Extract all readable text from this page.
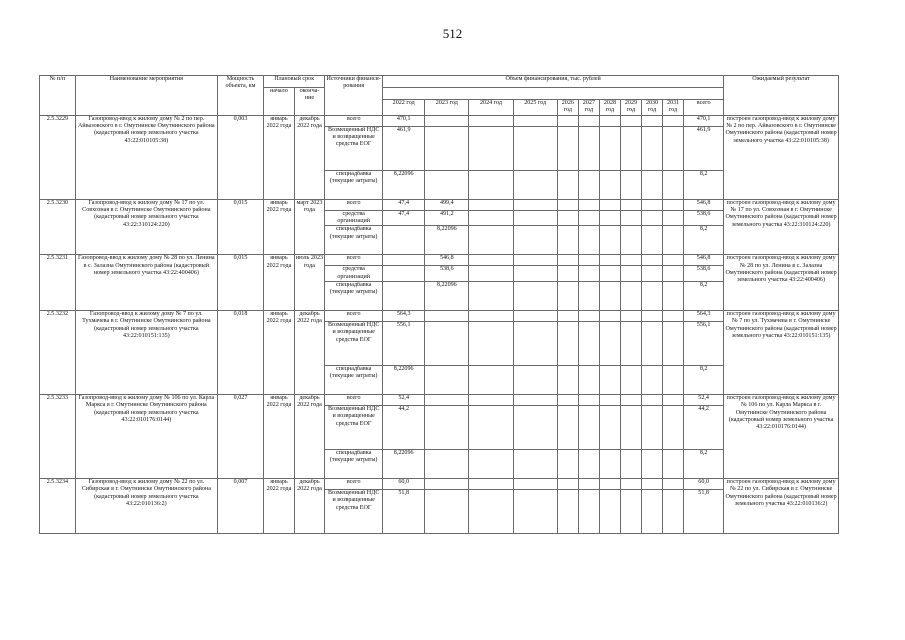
512
№ п/п	Наименование мероприятия	Мощность объекта, км	Плановый срок		Источники финанси- рования	Объем финансирования, тыс. рублей											Ожидаемый результат
			начало	оконча- ние													
						2022 год	2023 год	2024 год	2025 год	2026 год	2027 год	2028 год	2029 год	2030 год	2031 год	всего	
2.5.3229	Газопровод-ввод к жилому дому № 2 по пер. Айвазовского в г. Омутнинске Омутнинского района (кадастровый номер земельного участка 43:22:010105:38)	0,003	январь 2022 года	декабрь 2022 года	всего	470,1										470,1	построен газопровод-ввод к жилому дому № 2 по пер. Айвазовского в г. Омутнинске Омутнинского района (кадастровый номер земельного участка 43:22:010105:38)
					Возмещенный НДС и возвращенные средства ЕОГ	461,9										461,9	
					спецнадбавка (текущие затраты)	8,22096										8,2	
2.5.3230	Газопровод-ввод к жилому дому № 17 по ул. Совхозная в г. Омутнинске Омутнинского района (кадастровый номер земельного участка 43:22:310124:220)	0,015	январь 2022 года	март 2023 года	всего	47,4	499,4									546,8	построен газопровод-ввод к жилому дому № 17 по ул. Совхозная в г. Омутнинске Омутнинского района (кадастровый номер земельного участка 43:22:310124:220)
					средства организаций	47,4	491,2									538,6	
					спецнадбавка (текущие затраты)		8,22096									8,2	
2.5.3231	Газопровод-ввод к жилому дому № 28 по ул. Ленина в с. Залазна Омутнинского района (кадастровый номер земельного участка 43:22:400406)	0,015	январь 2022 года	июль 2023 года	всего		546,8									546,8	построен газопровод-ввод к жилому дому № 28 по ул. Ленина в с. Залазна Омутнинского района (кадастровый номер земельного участка 43:22:400406)
					средства организаций		538,6									538,6	
					спецнадбавка (текущие затраты)		8,22096									8,2	
2.5.3232	Газопровод-ввод к жилому дому № 7 по ул. Тухмачева в г. Омутнинске Омутнинского района (кадастровый номер земельного участка 43:22:010151:135)	0,018	январь 2022 года	декабрь 2022 года	всего	564,3										564,3	построен газопровод-ввод к жилому дому № 7 по ул. Тухмачева в г. Омутнинске Омутнинского района (кадастровый номер земельного участка 43:22:010151:135)
					Возмещенный НДС и возвращенные средства ЕОГ	556,1										556,1	
					спецнадбавка (текущие затраты)	8,22096										8,2	
2.5.3233	Газопровод-ввод к жилому дому № 106 по ул. Карла Маркса в г. Омутнинске Омутнинского района (кадастровый номер земельного участка 43:22:010176:0144)	0,027	январь 2022 года	декабрь 2022 года	всего	52,4										52,4	построен газопровод-ввод к жилому дому № 106 по ул. Карла Маркса в г. Омутнинске Омутнинского района (кадастровый номер земельного участка 43:22:010176:0144)
					Возмещенный НДС и возвращенные средства ЕОГ	44,2										44,2	
					спецнадбавка (текущие затраты)	8,22096										8,2	
2.5.3234	Газопровод-ввод к жилому дому № 22 по ул. Сибирская в г. Омутнинске Омутнинского района (кадастровый номер земельного участка 43:22:010136:2)	0,007	январь 2022 года	декабрь 2022 года	всего	60,0										60,0	построен газопровод-ввод к жилому дому № 22 по ул. Сибирская в г. Омутнинске Омутнинского района (кадастровый номер земельного участка 43:22:010136:2)
					Возмещенный НДС и возвращенные средства ЕОГ	51,8										51,8	
